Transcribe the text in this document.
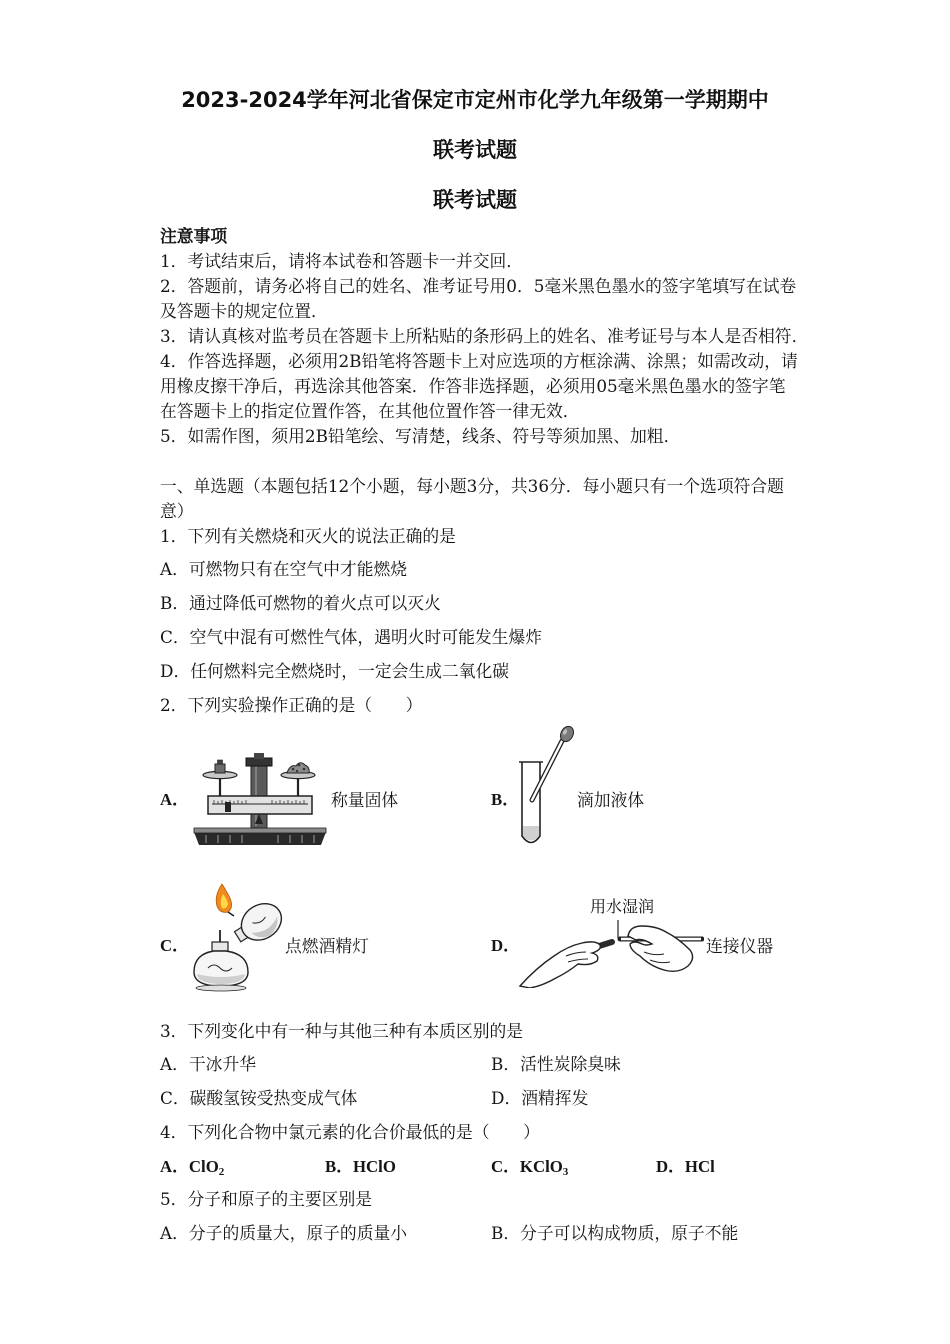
2023-2024学年河北省保定市定州市化学九年级第一学期期中
联考试题
联考试题
注意事项
1．考试结束后，请将本试卷和答题卡一并交回．
2．答题前，请务必将自己的姓名、准考证号用0．5毫米黑色墨水的签字笔填写在试卷
及答题卡的规定位置．
3．请认真核对监考员在答题卡上所粘贴的条形码上的姓名、准考证号与本人是否相符．
4．作答选择题，必须用2B铅笔将答题卡上对应选项的方框涂满、涂黑；如需改动，请
用橡皮擦干净后，再选涂其他答案．作答非选择题，必须用05毫米黑色墨水的签字笔
在答题卡上的指定位置作答，在其他位置作答一律无效．
5．如需作图，须用2B铅笔绘、写清楚，线条、符号等须加黑、加粗．
一、单选题（本题包括12个小题，每小题3分，共36分．每小题只有一个选项符合题
意）
1．下列有关燃烧和灭火的说法正确的是
A．可燃物只有在空气中才能燃烧
B．通过降低可燃物的着火点可以灭火
C．空气中混有可燃性气体，遇明火时可能发生爆炸
D．任何燃料完全燃烧时，一定会生成二氧化碳
2．下列实验操作正确的是（　　）
A．	称量固体	B．	滴加液体
C．	点燃酒精灯	D．
用水湿润
连接仪器
3．下列变化中有一种与其他三种有本质区别的是
A．干冰升华	B．活性炭除臭味
C．碳酸氢铵受热变成气体	D．酒精挥发
4．下列化合物中氯元素的化合价最低的是（　　）
A．ClO$_2$	B．HClO	C．KClO$_3$	D．HCl
5．分子和原子的主要区别是
A．分子的质量大，原子的质量小	B．分子可以构成物质，原子不能
